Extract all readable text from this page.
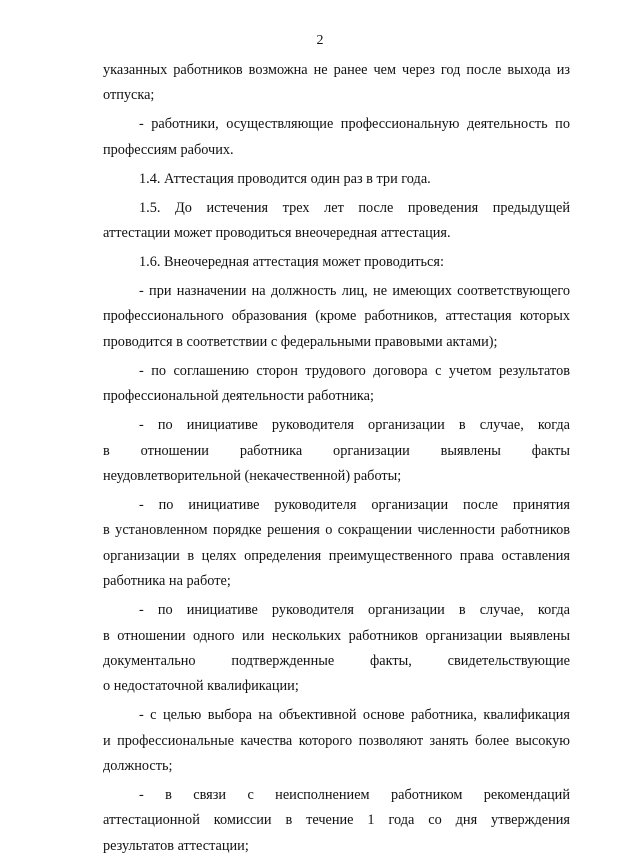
2
указанных работников возможна не ранее чем через год после выхода из
отпуска;
- работники, осуществляющие профессиональную деятельность по
профессиям рабочих.
1.4. Аттестация проводится один раз в три года.
1.5. До истечения трех лет после проведения предыдущей
аттестации может проводиться внеочередная аттестация.
1.6. Внеочередная аттестация может проводиться:
- при назначении на должность лиц, не имеющих соответствующего
профессионального образования (кроме работников, аттестация которых
проводится в соответствии с федеральными правовыми актами);
- по соглашению сторон трудового договора с учетом результатов
профессиональной деятельности работника;
- по инициативе руководителя организации в случае, когда
в отношении работника организации выявлены факты
неудовлетворительной (некачественной) работы;
- по инициативе руководителя организации после принятия
в установленном порядке решения о сокращении численности работников
организации в целях определения преимущественного права оставления
работника на работе;
- по инициативе руководителя организации в случае, когда
в отношении одного или нескольких работников организации выявлены
документально подтвержденные факты, свидетельствующие
о недостаточной квалификации;
- с целью выбора на объективной основе работника, квалификация
и профессиональные качества которого позволяют занять более высокую
должность;
- в связи с неисполнением работником рекомендаций
аттестационной комиссии в течение 1 года со дня утверждения
результатов аттестации;
